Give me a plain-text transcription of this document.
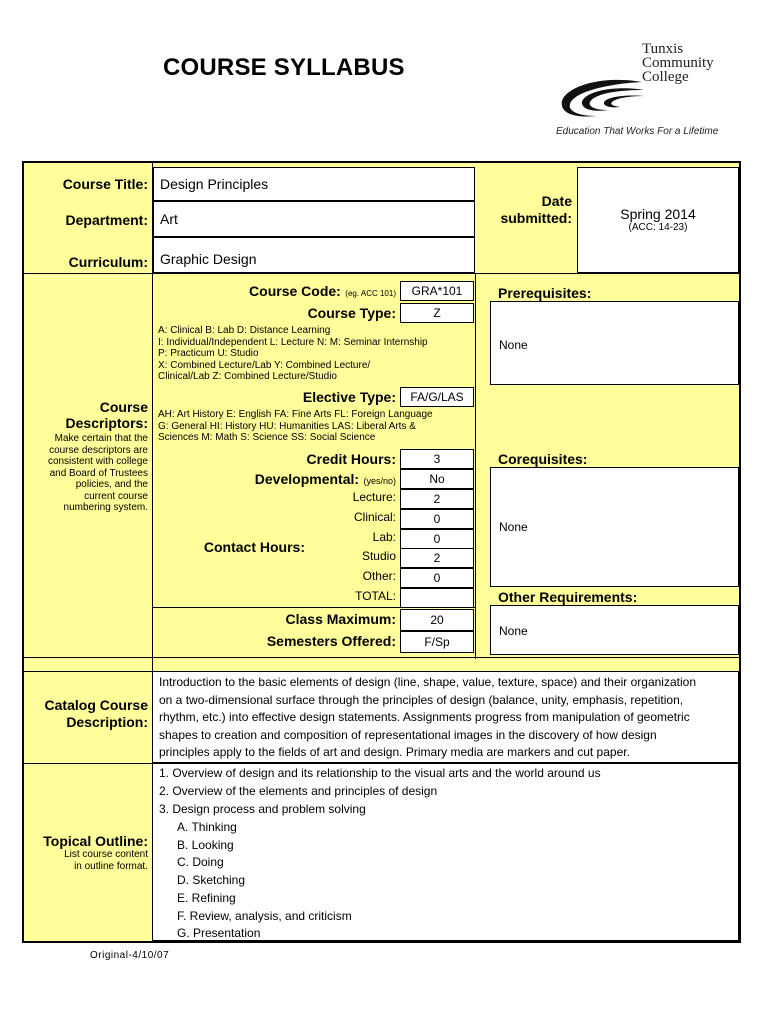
COURSE SYLLABUS
Tunxis
Community
College
Education That Works For a Lifetime
Course Title: Design Principles
Department: Art
Curriculum: Graphic Design
Date
submitted:	Spring 2014
(ACC: 14-23)
Course
Descriptors:
Make certain that the course descriptors are consistent with college and Board of Trustees policies, and the current course numbering system.
Course Code: (eg. ACC 101)	GRA*101
Course Type:	Z
A: Clinical B: Lab D: Distance Learning
I: Individual/Independent L: Lecture N: M: Seminar Internship
P: Practicum U: Studio
X: Combined Lecture/Lab Y: Combined Lecture/
Clinical/Lab Z: Combined Lecture/Studio
Elective Type:	FA/G/LAS
AH: Art History E: English FA: Fine Arts FL: Foreign Language
G: General HI: History HU: Humanities LAS: Liberal Arts &
Sciences M: Math S: Science SS: Social Science
Credit Hours:	3
Developmental: (yes/no)	No
Contact Hours:
Lecture:	2
Clinical:	0
Lab:	0
Studio	2
Other:	0
TOTAL:
Class Maximum:	20
Semesters Offered:	F/Sp
Prerequisites:
None
Corequisites:
None
Other Requirements:
None
Catalog Course
Description:
Introduction to the basic elements of design (line, shape, value, texture, space) and their organization
on a two-dimensional surface through the principles of design (balance, unity, emphasis, repetition,
rhythm, etc.) into effective design statements. Assignments progress from manipulation of geometric
shapes to creation and composition of representational images in the discovery of how design
principles apply to the fields of art and design. Primary media are markers and cut paper.
Topical Outline:
List course content in outline format.
1. Overview of design and its relationship to the visual arts and the world around us
2. Overview of the elements and principles of design
3. Design process and problem solving
A. Thinking
B. Looking
C. Doing
D. Sketching
E. Refining
F. Review, analysis, and criticism
G. Presentation
Original-4/10/07
